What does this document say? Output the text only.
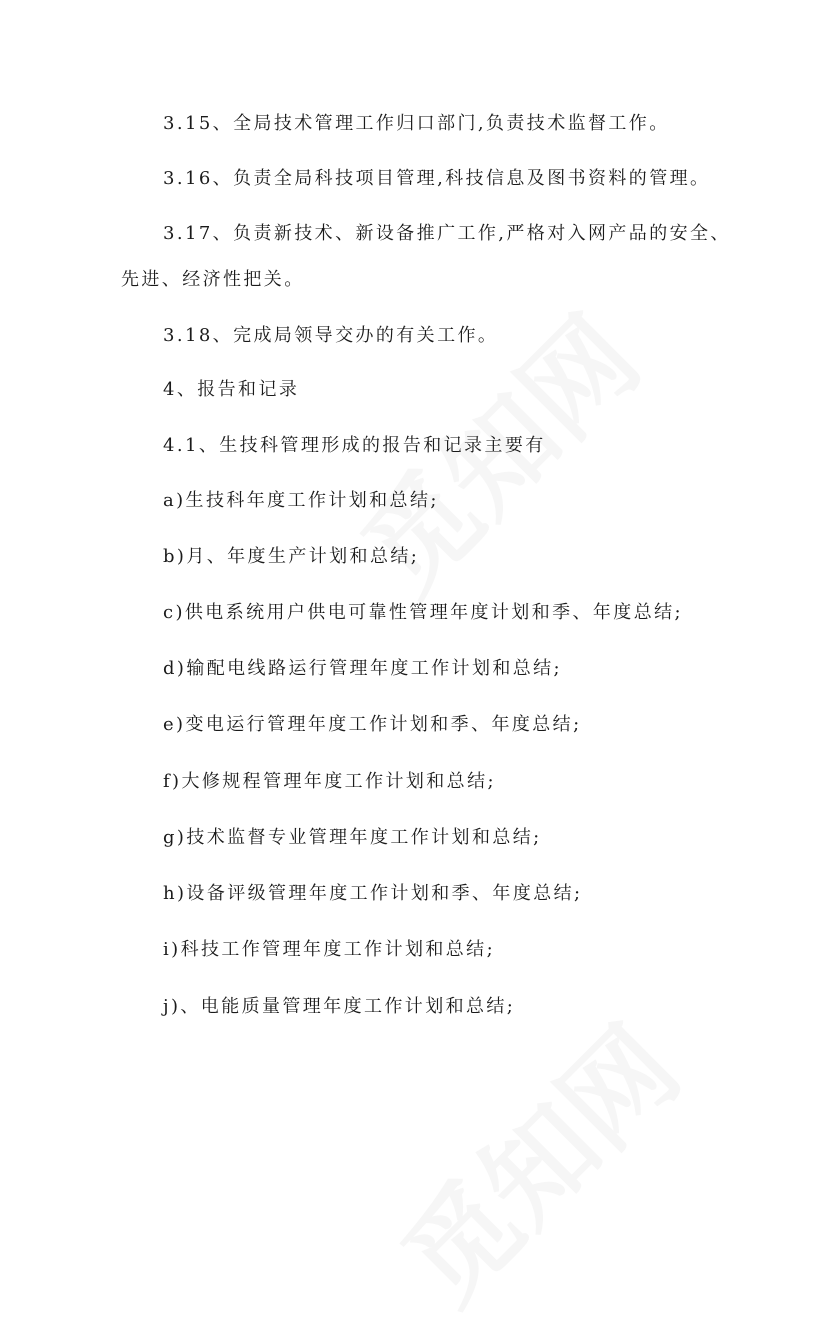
3.15、全局技术管理工作归口部门,负责技术监督工作。
3.16、负责全局科技项目管理,科技信息及图书资料的管理。
3.17、负责新技术、新设备推广工作,严格对入网产品的安全、
先进、经济性把关。
3.18、完成局领导交办的有关工作。
4、报告和记录
4.1、生技科管理形成的报告和记录主要有
a)生技科年度工作计划和总结;
b)月、年度生产计划和总结;
c)供电系统用户供电可靠性管理年度计划和季、年度总结;
d)输配电线路运行管理年度工作计划和总结;
e)变电运行管理年度工作计划和季、年度总结;
f)大修规程管理年度工作计划和总结;
g)技术监督专业管理年度工作计划和总结;
h)设备评级管理年度工作计划和季、年度总结;
i)科技工作管理年度工作计划和总结;
j)、电能质量管理年度工作计划和总结;
